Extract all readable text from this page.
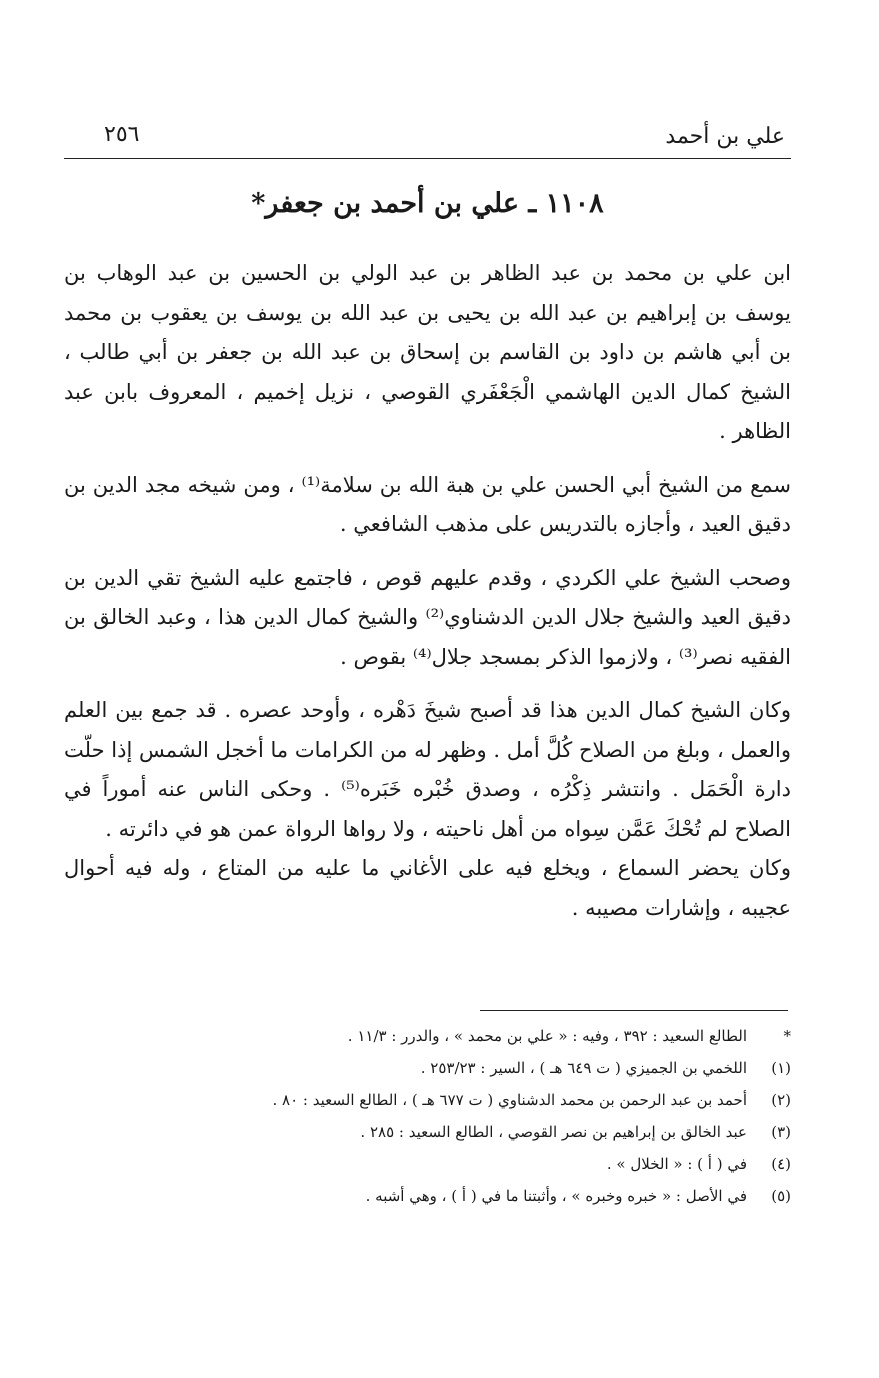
علي بن أحمد
٢٥٦
١١٠٨ ـ علي بن أحمد بن جعفر*

ابن علي بن محمد بن عبد الظاهر بن عبد الولي بن الحسين بن عبد الوهاب بن يوسف بن إبراهيم بن عبد الله بن يحيى بن عبد الله بن يوسف بن يعقوب بن محمد بن أبي هاشم بن داود بن القاسم بن إسحاق بن عبد الله بن جعفر بن أبي طالب ، الشيخ كمال الدين الهاشمي الْجَعْفَري القوصي ، نزيل إخميم ، المعروف بابن عبد الظاهر .

سمع من الشيخ أبي الحسن علي بن هبة الله بن سلامة⁽¹⁾ ، ومن شيخه مجد الدين بن دقيق العيد ، وأجازه بالتدريس على مذهب الشافعي .

وصحب الشيخ علي الكردي ، وقدم عليهم قوص ، فاجتمع عليه الشيخ تقي الدين بن دقيق العيد والشيخ جلال الدين الدشناوي⁽²⁾ والشيخ كمال الدين هذا ، وعبد الخالق بن الفقيه نصر⁽³⁾ ، ولازموا الذكر بمسجد جلال⁽⁴⁾ بقوص .

وكان الشيخ كمال الدين هذا قد أصبح شيخَ دَهْره ، وأوحد عصره . قد جمع بين العلم والعمل ، وبلغ من الصلاح كُلَّ أمل . وظهر له من الكرامات ما أخجل الشمس إذا حلّت دارة الْحَمَل . وانتشر ذِكْرُه ، وصدق خُبْره خَبَره⁽⁵⁾ . وحكى الناس عنه أموراً في الصلاح لم تُحْكَ عَمَّن سِواه من أهل ناحيته ، ولا رواها الرواة عمن هو في دائرته .

وكان يحضر السماع ، ويخلع فيه على الأغاني ما عليه من المتاع ، وله فيه أحوال عجيبه ، وإشارات مصيبه .

*
الطالع السعيد : ٣٩٢ ، وفيه : « علي بن محمد » ، والدرر : ١١/٣ .
(١)
اللخمي بن الجميزي ( ت ٦٤٩ هـ ) ، السير : ٢٥٣/٢٣ .
(٢)
أحمد بن عبد الرحمن بن محمد الدشناوي ( ت ٦٧٧ هـ ) ، الطالع السعيد : ٨٠ .
(٣)
عبد الخالق بن إبراهيم بن نصر القوصي ، الطالع السعيد : ٢٨٥ .
(٤)
في ( أ ) : « الخلال » .
(٥)
في الأصل : « خبره وخبره » ، وأثبتنا ما في ( أ ) ، وهي أشبه .
